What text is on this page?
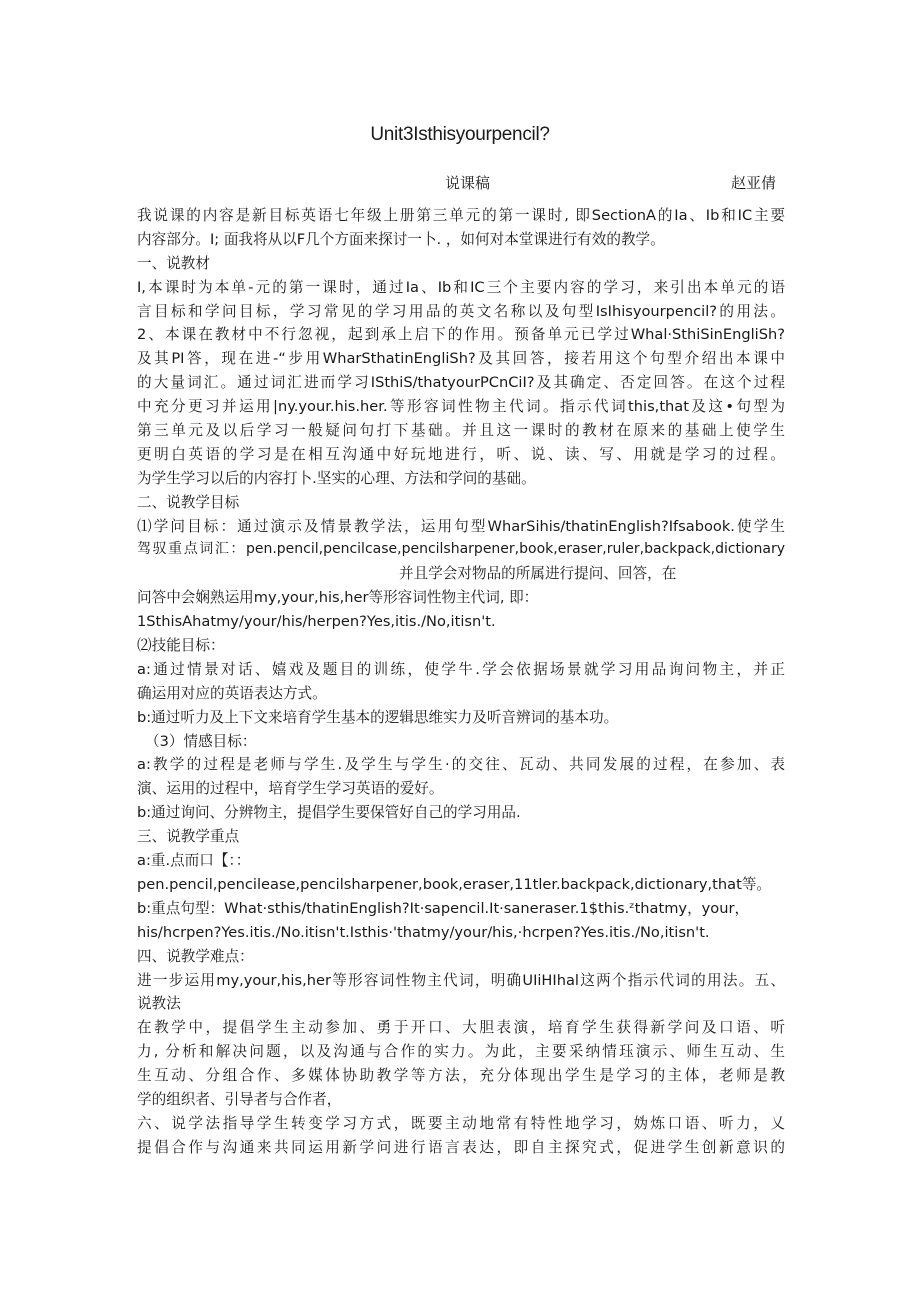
Unit3Isthisyourpencil?
说课稿	赵亚倩
我说课的内容是新目标英语七年级上册第三单元的第一课时, 即SectionA的Ia、Ib和IC主要
内容部分。I; 面我将从以F几个方面来探讨一卜. ，如何对本堂课进行有效的教学。
一、说教材
I,本课时为本单-元的第一课时，通过Ia、Ib和IC三个主要内容的学习，来引出本单元的语
言目标和学问目标，学习常见的学习用品的英文名称以及句型IsIhisyourpencil?的用法。
2、本课在教材中不行忽视，起到承上启下的作用。预备单元已学过Whal·SthiSinEngliSh?
及其PI答，现在进-“步用WharSthatinEngliSh?及其回答，接若用这个句型介绍出本课中
的大量词汇。通过词汇进而学习ISthiS/thatyourPCnCiI?及其确定、否定回答。在这个过程
中充分更习并运用|ny.your.his.her.等形容词性物主代词。指示代词this,that及这•句型为
第三单元及以后学习一般疑问句打下基础。并且这一课时的教材在原来的基础上使学生
更明白英语的学习是在相互沟通中好玩地进行，听、说、读、写、用就是学习的过程。
为学生学习以后的内容打卜.坚实的心理、方法和学问的基础。
二、说教学目标
⑴学问目标：通过演示及情景教学法，运用句型WharSihis/thatinEnglish?Ifsabook.使学生
驾驭重点词汇：pen.pencil,pencilcase,pencilsharpener,book,eraser,ruler,backpack,dictionary
并且学会对物品的所属进行提问、回答，在
问答中会娴熟运用my,your,his,her等形容词性物主代词, 即：
1SthisAhatmy/your/his/herpen?Yes,itis./No,itisn't.
⑵技能目标：
a:通过情景对话、嬉戏及题目的训练，使学牛.学会依据场景就学习用品询问物主，并正
确运用对应的英语表达方式。
b:通过听力及上下文来培育学生基本的逻辑思维实力及听音辨词的基本功。
（3）情感目标：
a:教学的过程是老师与学生.及学生与学生·的交往、瓦动、共同发展的过程，在参加、表
演、运用的过程中，培育学生学习英语的爱好。
b:通过询问、分辨物主，提倡学生要保管好自己的学习用品.
三、说教学重点
a:重.点而口【：：
pen.pencil,pencilease,pencilsharpener,book,eraser,11tler.backpack,dictionary,that等。
b:重点句型：What·sthis/thatinEnglish?It·sapencil.It·saneraser.1$this.ᶻthatmy，your，
his/hcrpen?Yes.itis./No.itisn't.Isthis·'thatmy/your/his,·hcrpen?Yes.itis./No,itisn't.
四、说教学难点：
进一步运用my,your,his,her等形容词性物主代词，明确UIiHIhal这两个指示代词的用法。五、
说教法
在教学中，提倡学生主动参加、勇于开口、大胆表演，培育学生获得新学问及口语、听
力, 分析和解决问题，以及沟通与合作的实力。为此，主要采纳情珏演示、师生互动、生
生互动、分组合作、多媒体协助教学等方法，充分体现出学生是学习的主体，老师是教
学的组织者、引导者与合作者，
六、说学法指导学生转变学习方式，既要主动地常有特性地学习，妫炼口语、听力，乂
提倡合作与沟通来共同运用新学问进行语言表达，即自主探究式，促进学生创新意识的
